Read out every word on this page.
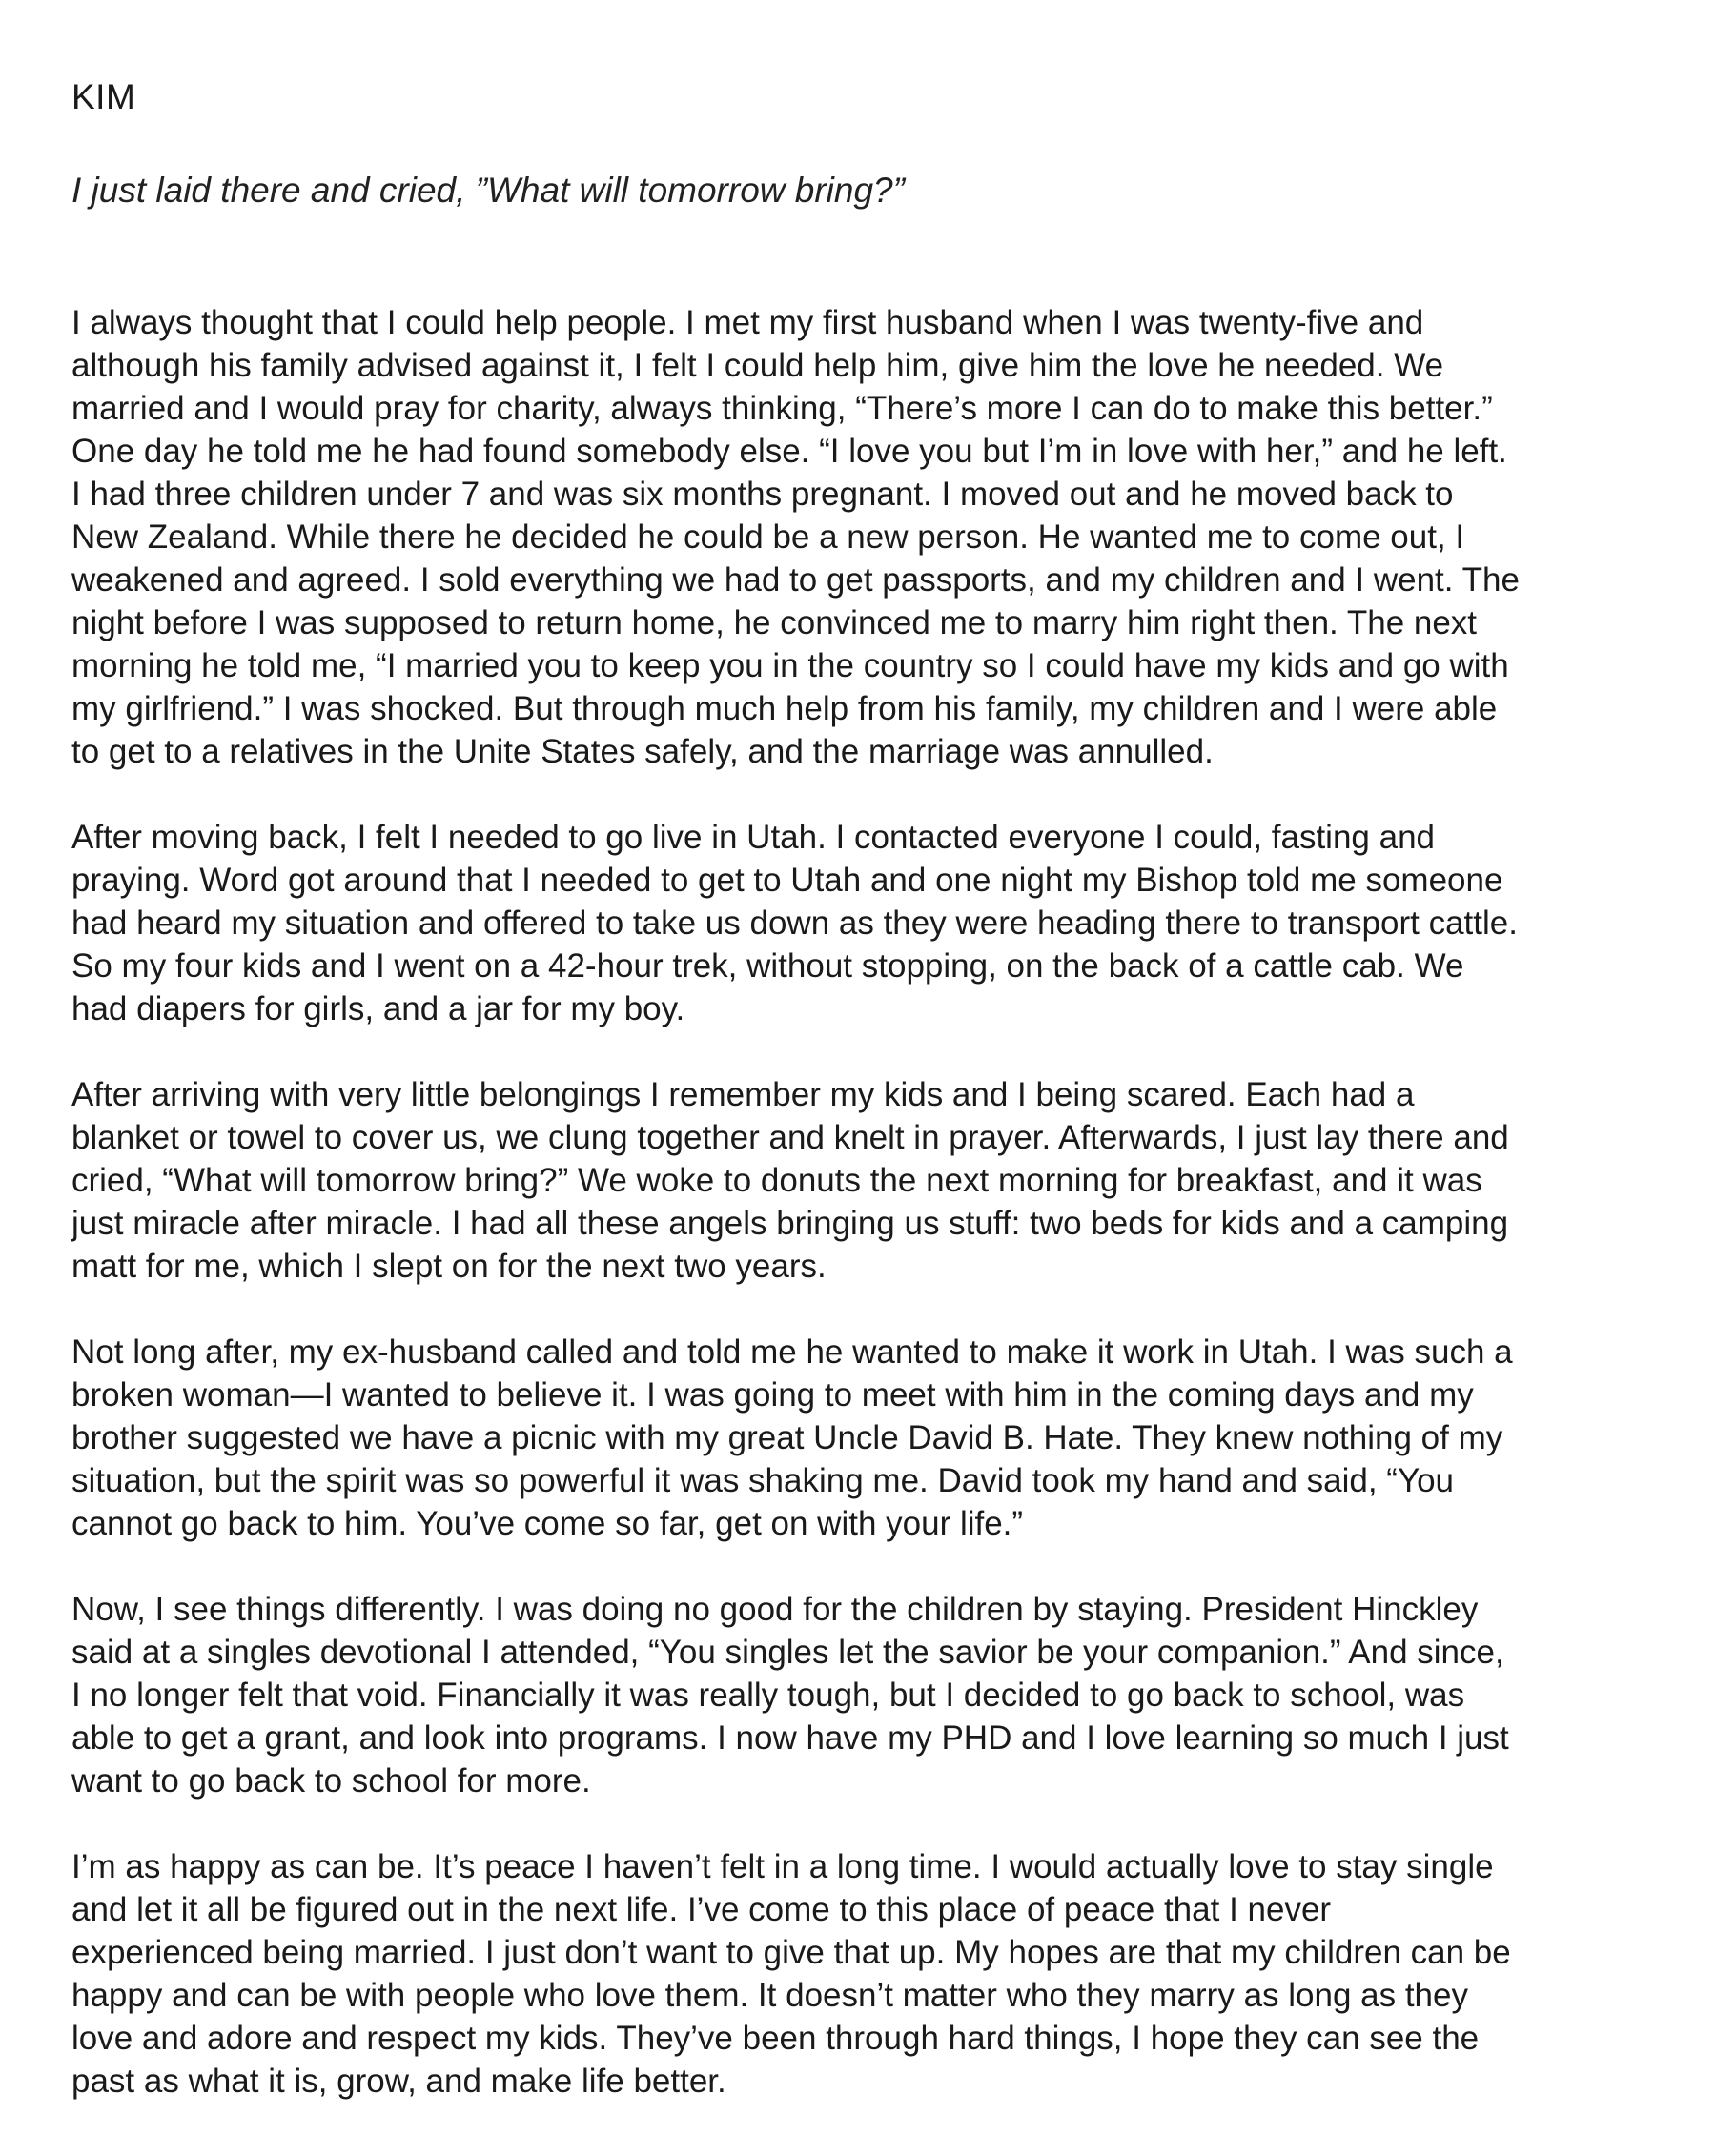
KIM
I just laid there and cried, ”What will tomorrow bring?”

I always thought that I could help people. I met my first husband when I was twenty-five and
although his family advised against it, I felt I could help him, give him the love he needed. We
married and I would pray for charity, always thinking, “There’s more I can do to make this better.”
One day he told me he had found somebody else. “I love you but I’m in love with her,” and he left.
I had three children under 7 and was six months pregnant. I moved out and he moved back to
New Zealand. While there he decided he could be a new person. He wanted me to come out, I
weakened and agreed. I sold everything we had to get passports, and my children and I went. The
night before I was supposed to return home, he convinced me to marry him right then. The next
morning he told me, “I married you to keep you in the country so I could have my kids and go with
my girlfriend.” I was shocked. But through much help from his family, my children and I were able
to get to a relatives in the Unite States safely, and the marriage was annulled.

After moving back, I felt I needed to go live in Utah. I contacted everyone I could, fasting and
praying. Word got around that I needed to get to Utah and one night my Bishop told me someone
had heard my situation and offered to take us down as they were heading there to transport cattle.
So my four kids and I went on a 42-hour trek, without stopping, on the back of a cattle cab. We
had diapers for girls, and a jar for my boy.

After arriving with very little belongings I remember my kids and I being scared. Each had a
blanket or towel to cover us, we clung together and knelt in prayer. Afterwards, I just lay there and
cried, “What will tomorrow bring?” We woke to donuts the next morning for breakfast, and it was
just miracle after miracle. I had all these angels bringing us stuff: two beds for kids and a camping
matt for me, which I slept on for the next two years.

Not long after, my ex-husband called and told me he wanted to make it work in Utah. I was such a
broken woman—I wanted to believe it. I was going to meet with him in the coming days and my
brother suggested we have a picnic with my great Uncle David B. Hate. They knew nothing of my
situation, but the spirit was so powerful it was shaking me. David took my hand and said, “You
cannot go back to him. You’ve come so far, get on with your life.”

Now, I see things differently. I was doing no good for the children by staying. President Hinckley
said at a singles devotional I attended, “You singles let the savior be your companion.” And since,
I no longer felt that void. Financially it was really tough, but I decided to go back to school, was
able to get a grant, and look into programs. I now have my PHD and I love learning so much I just
want to go back to school for more.

I’m as happy as can be. It’s peace I haven’t felt in a long time. I would actually love to stay single
and let it all be figured out in the next life. I’ve come to this place of peace that I never
experienced being married. I just don’t want to give that up. My hopes are that my children can be
happy and can be with people who love them. It doesn’t matter who they marry as long as they
love and adore and respect my kids. They’ve been through hard things, I hope they can see the
past as what it is, grow, and make life better.
